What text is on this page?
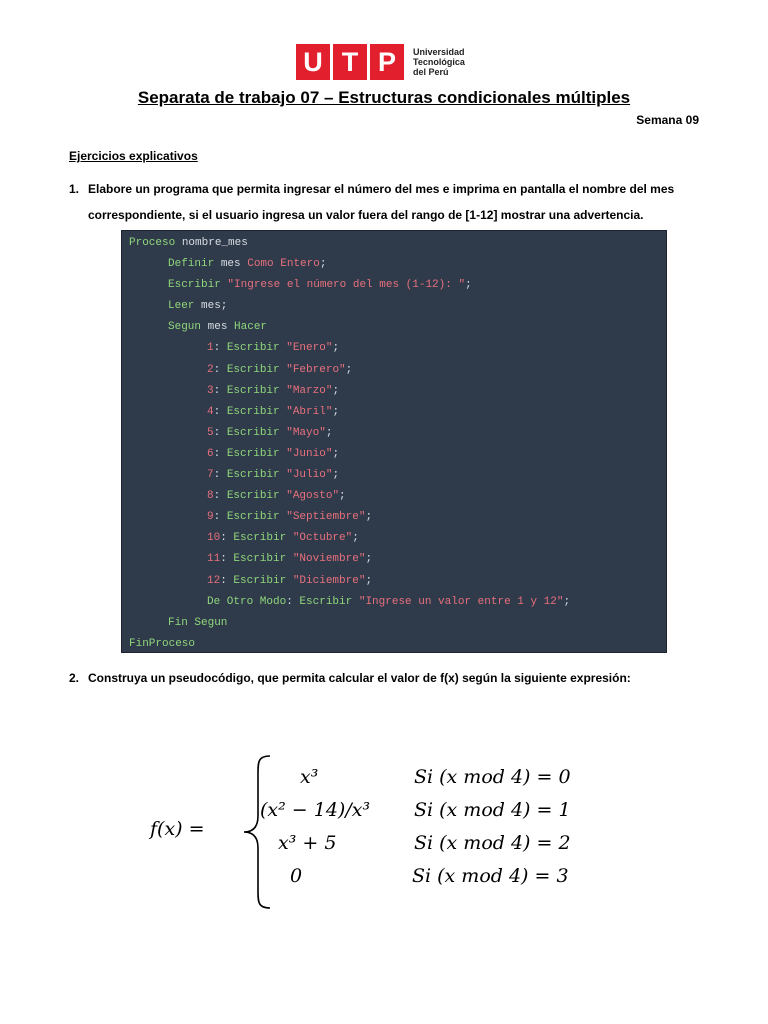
U T P	Universidad
Tecnológica
del Perú
Separata de trabajo 07 – Estructuras condicionales múltiples
Semana 09
Ejercicios explicativos
1. Elabore un programa que permita ingresar el número del mes e imprima en pantalla el nombre del mes correspondiente, si el usuario ingresa un valor fuera del rango de [1-12] mostrar una advertencia.
Proceso nombre_mes
Definir mes Como Entero;
Escribir "Ingrese el número del mes (1-12): ";
Leer mes;
Segun mes Hacer
1: Escribir "Enero";
2: Escribir "Febrero";
3: Escribir "Marzo";
4: Escribir "Abril";
5: Escribir "Mayo";
6: Escribir "Junio";
7: Escribir "Julio";
8: Escribir "Agosto";
9: Escribir "Septiembre";
10: Escribir "Octubre";
11: Escribir "Noviembre";
12: Escribir "Diciembre";
De Otro Modo: Escribir "Ingrese un valor entre 1 y 12";
Fin Segun
FinProceso
2. Construya un pseudocódigo, que permita calcular el valor de f(x) según la siguiente expresión:
f(x) =
x³	Si (x mod 4) = 0
(x² − 14)/x³ Si (x mod 4) = 1
x³ + 5	Si (x mod 4) = 2
0	Si (x mod 4) = 3
